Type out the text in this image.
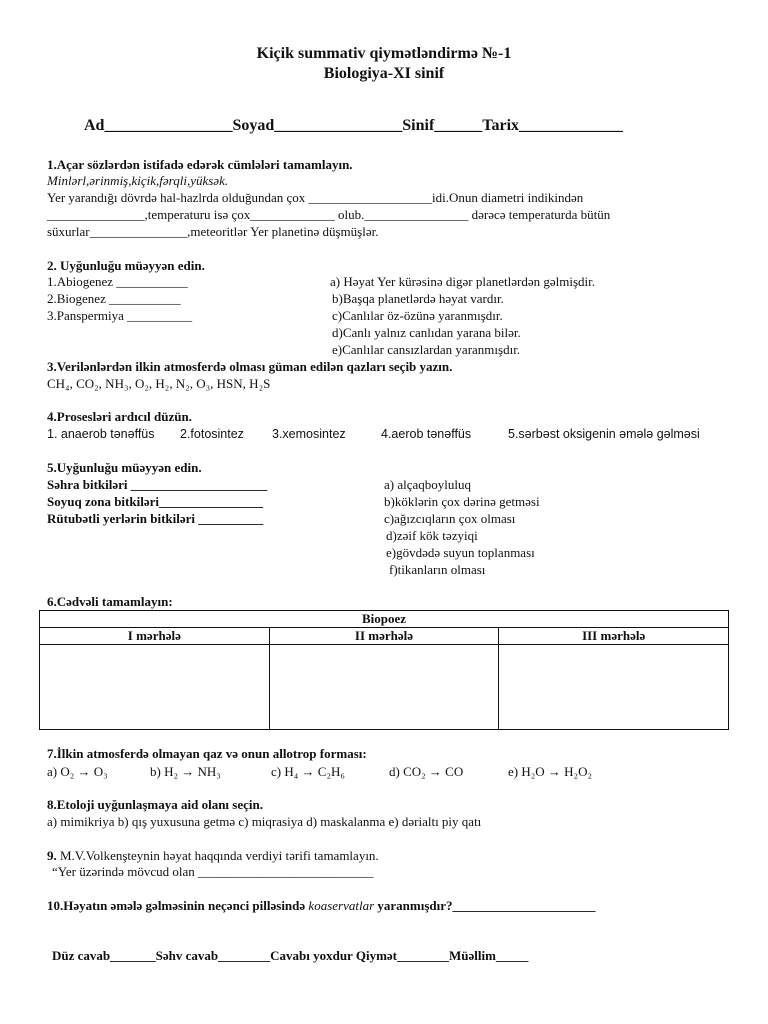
Kiçik summativ qiymətləndirmə №-1
Biologiya-XI sinif
Ad________________Soyad________________Sinif______Tarix_____________
1.Açar sözlərdən istifadə edərək cümlələri tamamlayın.
Minlərl,ərinmiş,kiçik,fərqli,yüksək.
Yer yarandığı dövrdə hal-hazlrda olduğundan çox ___________________idi.Onun diametri indikindən
_______________,temperaturu isə çox_____________ olub.________________ dərəcə temperaturda bütün
süxurlar_______________,meteoritlər Yer planetinə düşmüşlər.
2. Uyğunluğu müəyyən edin.
1.Abiogenez ___________
2.Biogenez ___________
3.Panspermiya __________
a) Həyat Yer kürəsinə digər planetlərdən gəlmişdir.
b)Başqa planetlərdə həyat vardır.
c)Canlılar öz-özünə yaranmışdır.
d)Canlı yalnız canlıdan yarana bilər.
e)Canlılar cansızlardan yaranmışdır.
3.Verilənlərdən ilkin atmosferdə olması güman edilən qazları seçib yazın.
CH₄, CO₂, NH₃, O₂, H₂, N₂, O₃, HSN, H₂S
4.Prosesləri ardıcıl düzün.
1. anaerob tənəffüs 2.fotosintez 3.xemosintez	4.aerob tənəffüs	5.sərbəst oksigenin əmələ gəlməsi
5.Uyğunluğu müəyyən edin.
Səhra bitkiləri _____________________
Soyuq zona bitkiləri________________
Rütubətli yerlərin bitkiləri __________
a) alçaqboyluluq
b)köklərin çox dərinə getməsi
c)ağızcıqların çox olması
d)zəif kök təzyiqi
e)gövdədə suyun toplanması
f)tikanların olması
6.Cədvəli tamamlayın:
Biopoez		
I mərhələ	II mərhələ	III mərhələ

7.İlkin atmosferdə olmayan qaz və onun allotrop forması:
a) O₂ → O₃	b) H₂ → NH₃	c) H₄ → C₂H₆	d) CO₂ → CO	e) H₂O → H₂O₂
8.Etoloji uyğunlaşmaya aid olanı seçin.
a) mimikriya b) qış yuxusuna getmə c) miqrasiya d) maskalanma e) dərialtı piy qatı
9. M.V.Volkenşteynin həyat haqqında verdiyi tərifi tamamlayın.
“Yer üzərində mövcud olan ___________________________
10.Həyatın əmələ gəlməsinin neçənci pilləsində koaservatlar yaranmışdır?______________________
Düz cavab_______Səhv cavab________Cavabı yoxdur Qiymət________Müəllim_____
